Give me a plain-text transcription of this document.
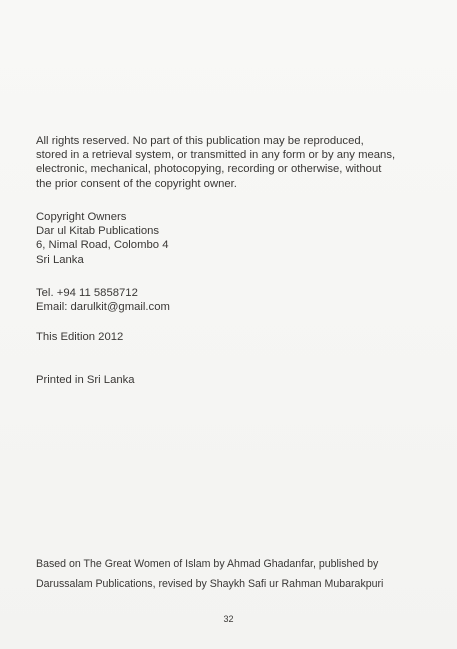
All rights reserved. No part of this publication may be reproduced,

stored in a retrieval system, or transmitted in any form or by any means,

electronic, mechanical, photocopying, recording or otherwise, without

the prior consent of the copyright owner.

Copyright Owners

Dar ul Kitab Publications

6, Nimal Road, Colombo 4

Sri Lanka

Tel. +94 11 5858712

Email: darulkit@gmail.com

This Edition 2012

Printed in Sri Lanka

Based on The Great Women of Islam by Ahmad Ghadanfar, published by

Darussalam Publications, revised by Shaykh Safi ur Rahman Mubarakpuri

32
